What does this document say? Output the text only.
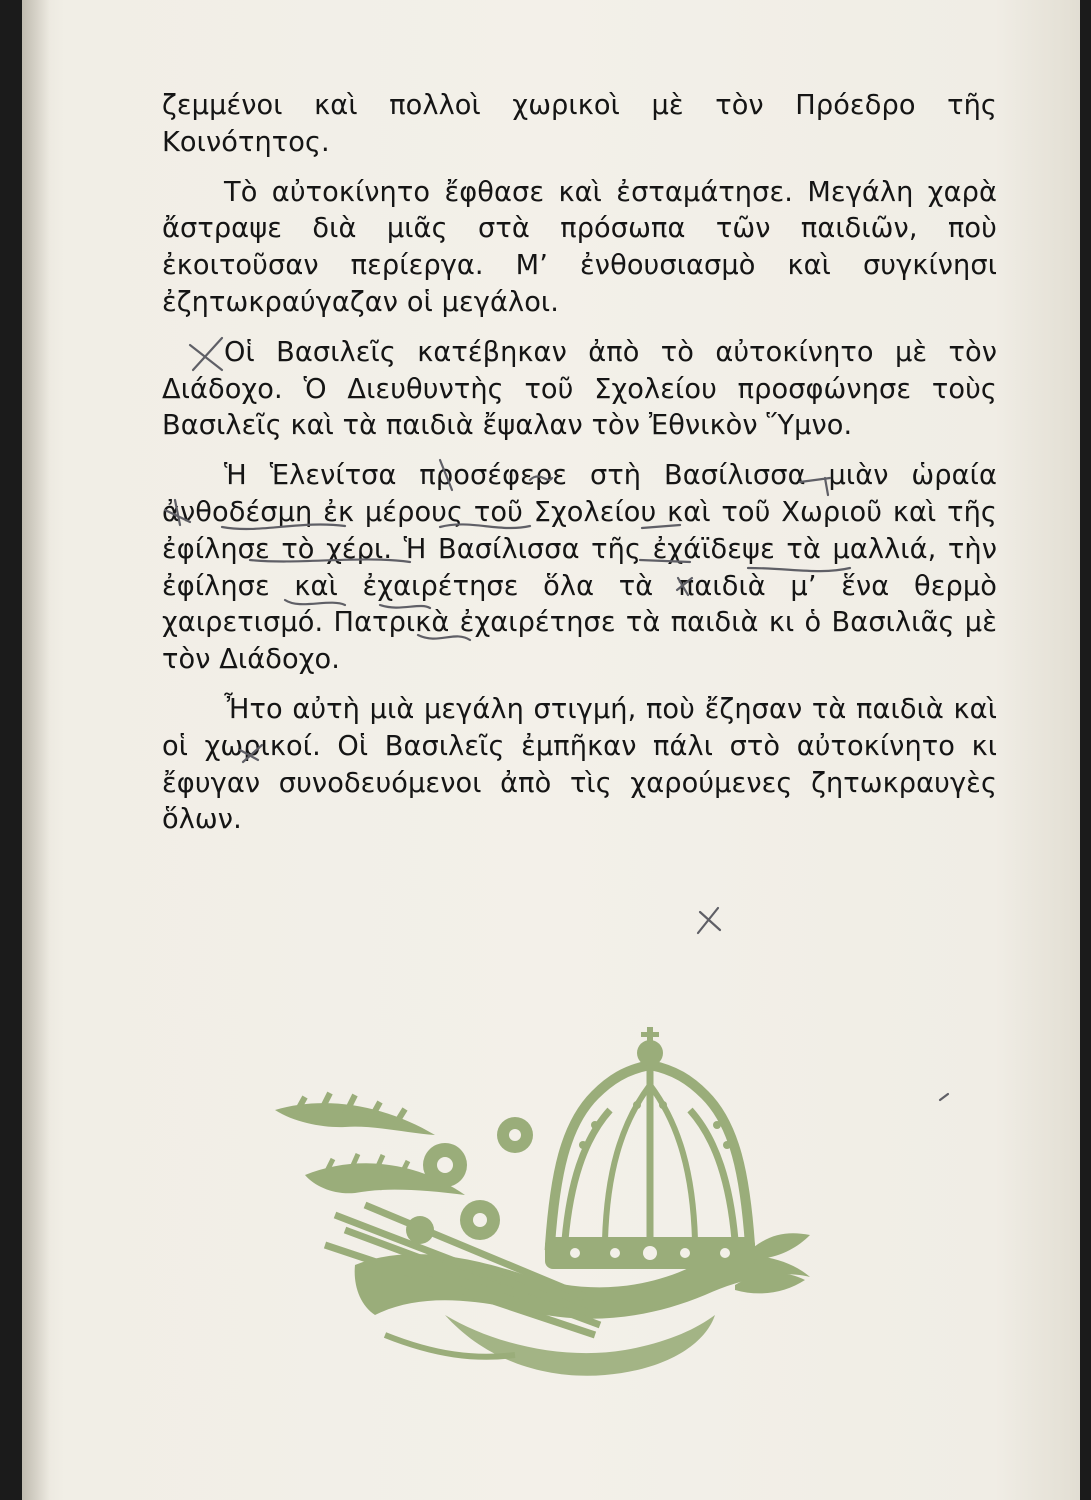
ζεμμένοι καὶ πολλοὶ χωρικοὶ μὲ τὸν Πρόεδρο τῆς Κοινότητος.

Τὸ αὐτοκίνητο ἔφθασε καὶ ἐσταμάτησε. Μεγάλη χαρὰ ἄστραψε διὰ μιᾶς στὰ πρόσωπα τῶν παιδιῶν, ποὺ ἐκοιτοῦσαν περίεργα. Μ’ ἐνθουσιασμὸ καὶ συγκίνησι ἐζητωκραύγαζαν οἱ μεγάλοι.

Οἱ Βασιλεῖς κατέβηκαν ἀπὸ τὸ αὐτοκίνητο μὲ τὸν Διάδοχο. Ὁ Διευθυντὴς τοῦ Σχολείου προσφώνησε τοὺς Βασιλεῖς καὶ τὰ παιδιὰ ἔψαλαν τὸν Ἐθνικὸν Ὕμνο.

Ἡ Ἑλενίτσα προσέφερε στὴ Βασίλισσα μιὰν ὡραία ἀνθοδέσμη ἐκ μέρους τοῦ Σχολείου καὶ τοῦ Χωριοῦ καὶ τῆς ἐφίλησε τὸ χέρι. Ἡ Βασίλισσα τῆς ἐχάϊδεψε τὰ μαλλιά, τὴν ἐφίλησε καὶ ἐχαιρέτησε ὅλα τὰ παιδιὰ μ’ ἕνα θερμὸ χαιρετισμό. Πατρικὰ ἐχαιρέτησε τὰ παιδιὰ κι ὁ Βασιλιᾶς μὲ τὸν Διάδοχο.

Ἦτο αὐτὴ μιὰ μεγάλη στιγμή, ποὺ ἔζησαν τὰ παιδιὰ καὶ οἱ χωρικοί. Οἱ Βασιλεῖς ἐμπῆκαν πάλι στὸ αὐτοκίνητο κι ἔφυγαν συνοδευόμενοι ἀπὸ τὶς χαρούμενες ζητωκραυγὲς ὅλων.
